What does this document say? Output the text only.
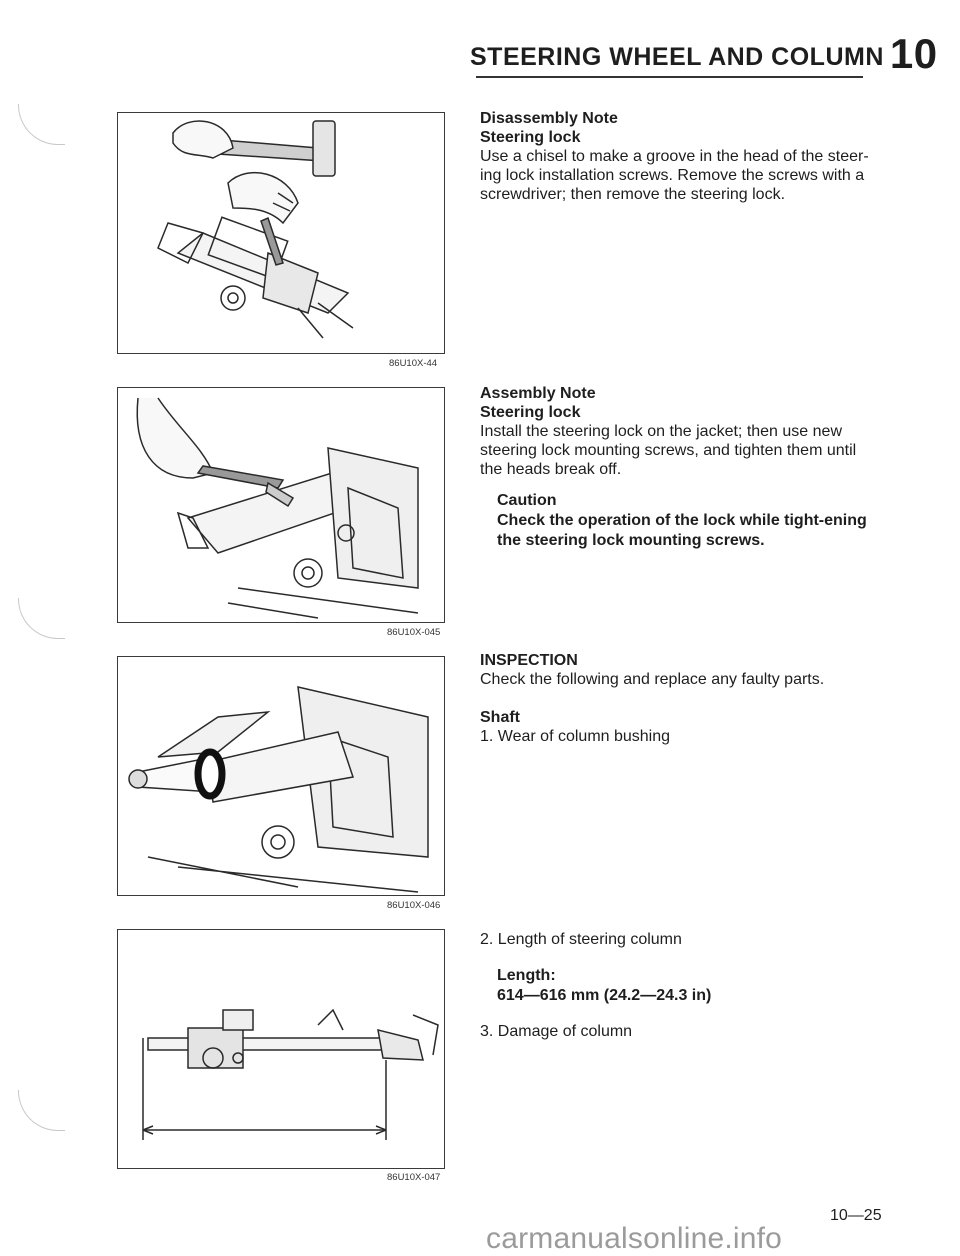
STEERING WHEEL AND COLUMN 10
86U10X-44
86U10X-045
86U10X-046
86U10X-047
Disassembly Note
Steering lock
Use a chisel to make a groove in the head of the steer-ing lock installation screws. Remove the screws with a screwdriver; then remove the steering lock.
Assembly Note
Steering lock
Install the steering lock on the jacket; then use new steering lock mounting screws, and tighten them until the heads break off.
Caution
Check the operation of the lock while tight-ening the steering lock mounting screws.
INSPECTION
Check the following and replace any faulty parts.
Shaft
1. Wear of column bushing
2. Length of steering column
Length:
614—616 mm (24.2—24.3 in)
3. Damage of column
10—25
carmanualsonline.info
